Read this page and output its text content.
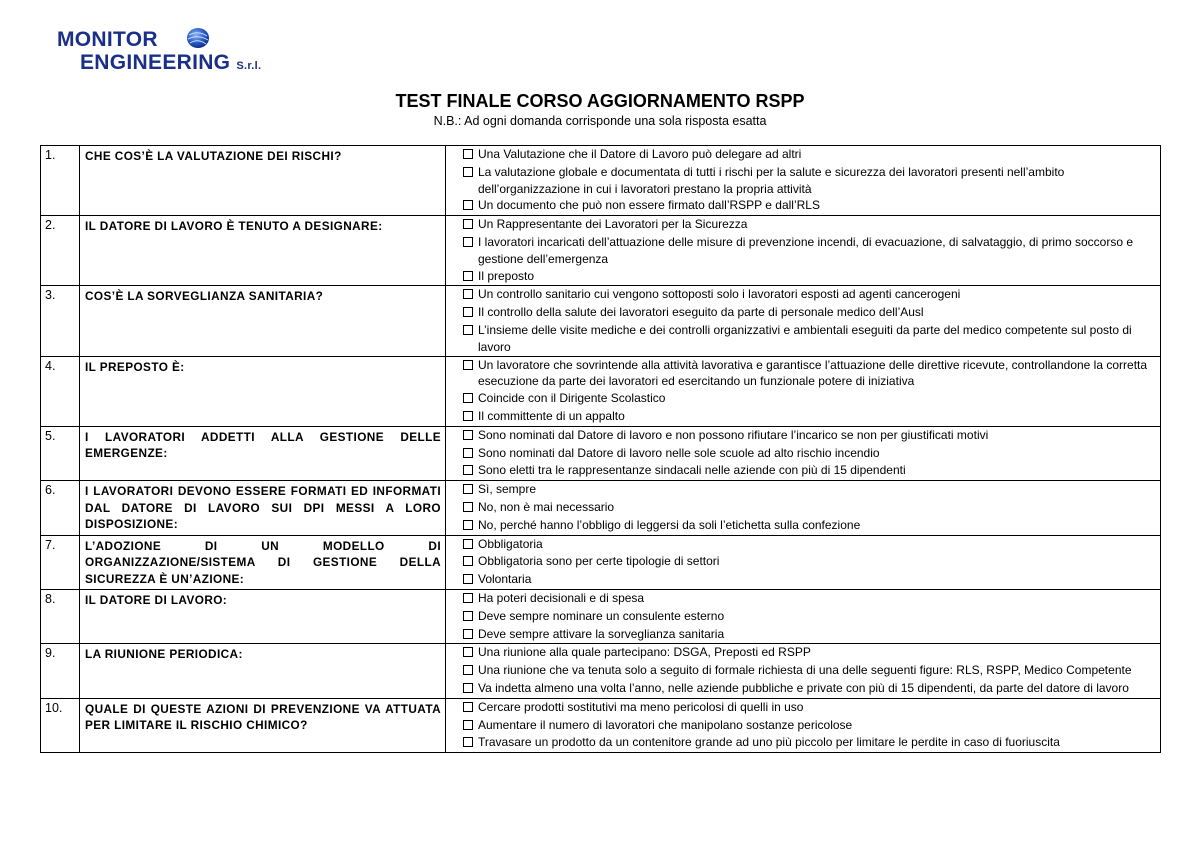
MONITOR
ENGINEERING S.r.l.
TEST FINALE CORSO AGGIORNAMENTO RSPP
N.B.: Ad ogni domanda corrisponde una sola risposta esatta
1.	CHE COS’È LA VALUTAZIONE DEI RISCHI?	Una Valutazione che il Datore di Lavoro può delegare ad altri
La valutazione globale e documentata di tutti i rischi per la salute e sicurezza dei lavoratori presenti nell’ambito dell’organizzazione in cui i lavoratori prestano la propria attività
Un documento che può non essere firmato dall’RSPP e dall’RLS

2.	IL DATORE DI LAVORO È TENUTO A DESIGNARE:	Un Rappresentante dei Lavoratori per la Sicurezza
I lavoratori incaricati dell’attuazione delle misure di prevenzione incendi, di evacuazione, di salvataggio, di primo soccorso e gestione dell’emergenza
Il preposto

3.	COS’È LA SORVEGLIANZA SANITARIA?	Un controllo sanitario cui vengono sottoposti solo i lavoratori esposti ad agenti cancerogeni
Il controllo della salute dei lavoratori eseguito da parte di personale medico dell’Ausl
L’insieme delle visite mediche e dei controlli organizzativi e ambientali eseguiti da parte del medico competente sul posto di lavoro

4.	IL PREPOSTO È:	Un lavoratore che sovrintende alla attività lavorativa e garantisce l’attuazione delle direttive ricevute, controllandone la corretta esecuzione da parte dei lavoratori ed esercitando un funzionale potere di iniziativa
Coincide con il Dirigente Scolastico
Il committente di un appalto

5.	I LAVORATORI ADDETTI ALLA GESTIONE DELLE EMERGENZE:	Sono nominati dal Datore di lavoro e non possono rifiutare l’incarico se non per giustificati motivi
Sono nominati dal Datore di lavoro nelle sole scuole ad alto rischio incendio
Sono eletti tra le rappresentanze sindacali nelle aziende con più di 15 dipendenti

6.	I LAVORATORI DEVONO ESSERE FORMATI ED INFORMATI DAL DATORE DI LAVORO SUI DPI MESSI A LORO DISPOSIZIONE:	Sì, sempre
No, non è mai necessario
No, perché hanno l’obbligo di leggersi da soli l’etichetta sulla confezione

7.	L’ADOZIONE DI UN MODELLO DI ORGANIZZAZIONE/SISTEMA DI GESTIONE DELLA SICUREZZA È UN’AZIONE:	Obbligatoria
Obbligatoria sono per certe tipologie di settori
Volontaria

8.	IL DATORE DI LAVORO:	Ha poteri decisionali e di spesa
Deve sempre nominare un consulente esterno
Deve sempre attivare la sorveglianza sanitaria

9.	LA RIUNIONE PERIODICA:	Una riunione alla quale partecipano: DSGA, Preposti ed RSPP
Una riunione che va tenuta solo a seguito di formale richiesta di una delle seguenti figure: RLS, RSPP, Medico Competente
Va indetta almeno una volta l’anno, nelle aziende pubbliche e private con più di 15 dipendenti, da parte del datore di lavoro

10.	QUALE DI QUESTE AZIONI DI PREVENZIONE VA ATTUATA PER LIMITARE IL RISCHIO CHIMICO?	Cercare prodotti sostitutivi ma meno pericolosi di quelli in uso
Aumentare il numero di lavoratori che manipolano sostanze pericolose
Travasare un prodotto da un contenitore grande ad uno più piccolo per limitare le perdite in caso di fuoriuscita
